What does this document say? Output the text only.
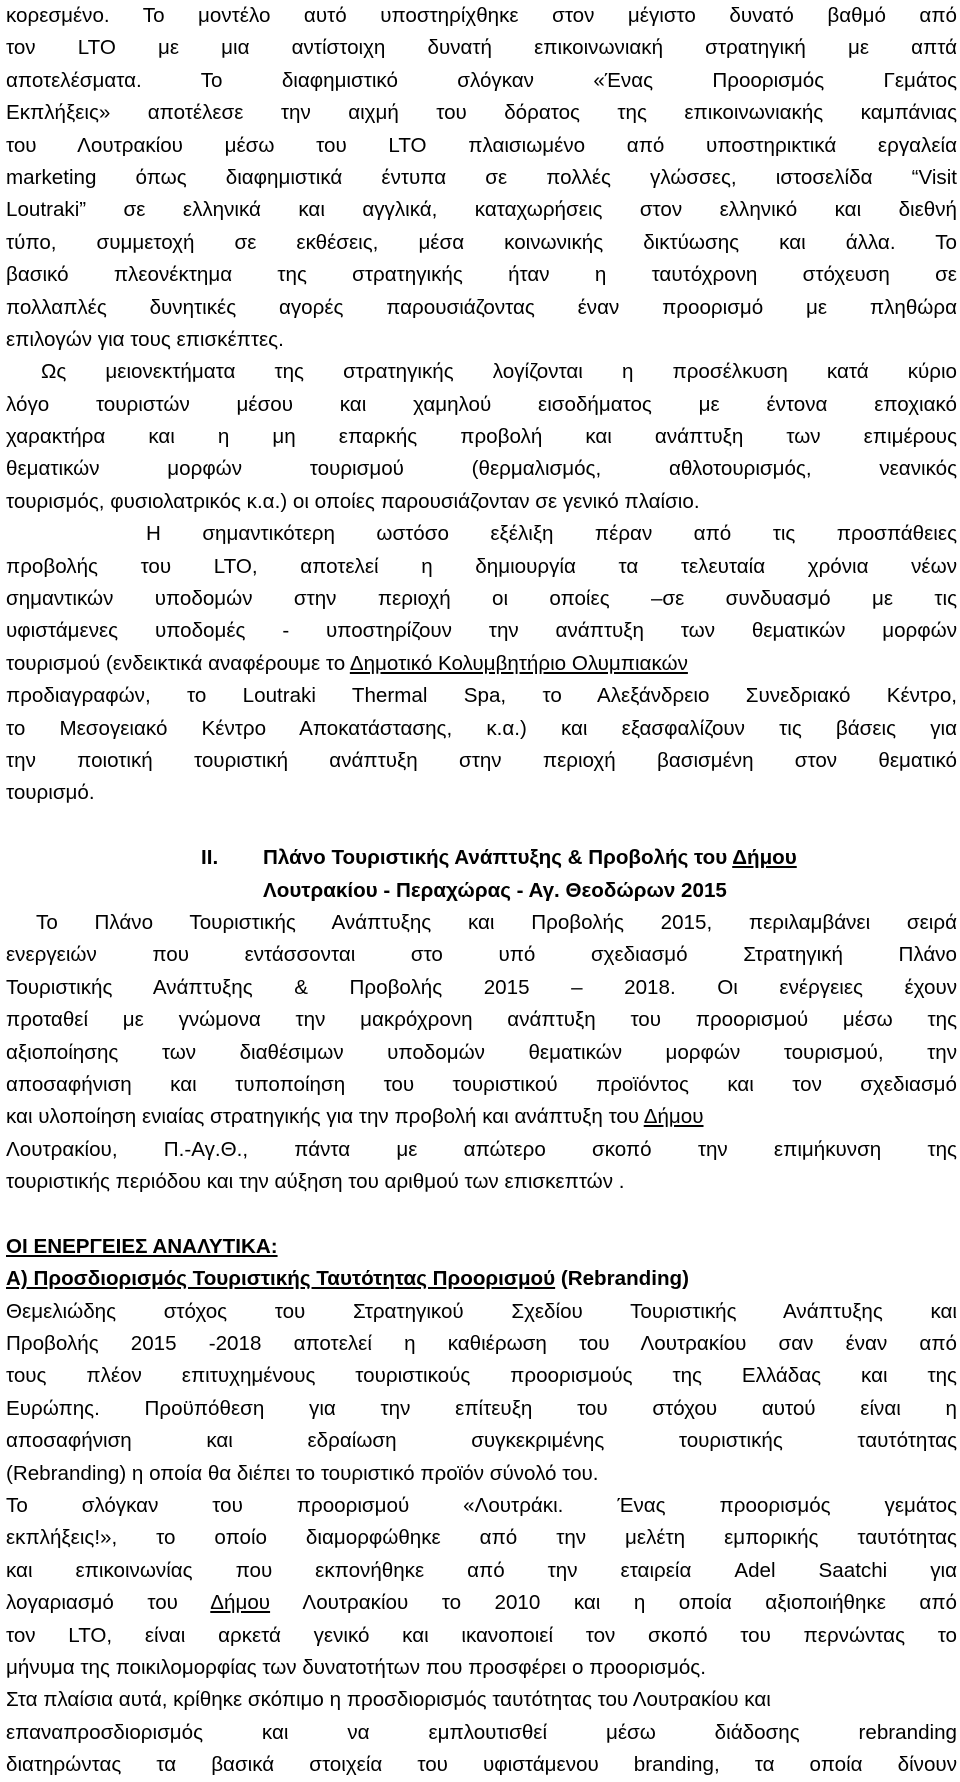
κορεσμένο. Το μοντέλο αυτό υποστηρίχθηκε στον μέγιστο δυνατό βαθμό από
τον LTO με μια αντίστοιχη δυνατή επικοινωνιακή στρατηγική με απτά
αποτελέσματα. Το διαφημιστικό σλόγκαν «Ένας Προορισμός Γεμάτος
Εκπλήξεις» αποτέλεσε την αιχμή του δόρατος της επικοινωνιακής καμπάνιας
του Λουτρακίου μέσω του LTO πλαισιωμένο από υποστηρικτικά εργαλεία
marketing όπως διαφημιστικά έντυπα σε πολλές γλώσσες, ιστοσελίδα “Visit
Loutraki” σε ελληνικά και αγγλικά, καταχωρήσεις στον ελληνικό και διεθνή
τύπο, συμμετοχή σε εκθέσεις, μέσα κοινωνικής δικτύωσης και άλλα. Το
βασικό πλεονέκτημα της στρατηγικής ήταν η ταυτόχρονη στόχευση σε
πολλαπλές δυνητικές αγορές παρουσιάζοντας έναν προορισμό με πληθώρα
επιλογών για τους επισκέπτες.
Ως μειονεκτήματα της στρατηγικής λογίζονται η προσέλκυση κατά κύριο
λόγο τουριστών μέσου και χαμηλού εισοδήματος με έντονα εποχιακό
χαρακτήρα και η μη επαρκής προβολή και ανάπτυξη των επιμέρους
θεματικών μορφών τουρισμού (θερμαλισμός, αθλοτουρισμός, νεανικός
τουρισμός, φυσιολατρικός κ.α.) οι οποίες παρουσιάζονταν σε γενικό πλαίσιο.
Η σημαντικότερη ωστόσο εξέλιξη πέραν από τις προσπάθειες
προβολής του LTO, αποτελεί η δημιουργία τα τελευταία χρόνια νέων
σημαντικών υποδομών στην περιοχή οι οποίες –σε συνδυασμό με τις
υφιστάμενες υποδομές - υποστηρίζουν την ανάπτυξη των θεματικών μορφών
τουρισμού (ενδεικτικά αναφέρουμε το Δημοτικό Κολυμβητήριο Ολυμπιακών
προδιαγραφών, το Loutraki Thermal Spa, το Αλεξάνδρειο Συνεδριακό Κέντρο,
το Μεσογειακό Κέντρο Αποκατάστασης, κ.α.) και εξασφαλίζουν τις βάσεις για
την ποιοτική τουριστική ανάπτυξη στην περιοχή βασισμένη στον θεματικό
τουρισμό.
ΙΙ. Πλάνο Τουριστικής Ανάπτυξης & Προβολής του Δήμου
Λουτρακίου - Περαχώρας - Αγ. Θεοδώρων 2015
Το Πλάνο Τουριστικής Ανάπτυξης και Προβολής 2015, περιλαμβάνει σειρά
ενεργειών που εντάσσονται στο υπό σχεδιασμό Στρατηγική Πλάνο
Τουριστικής Ανάπτυξης & Προβολής 2015 – 2018. Οι ενέργειες έχουν
προταθεί με γνώμονα την μακρόχρονη ανάπτυξη του προορισμού μέσω της
αξιοποίησης των διαθέσιμων υποδομών θεματικών μορφών τουρισμού, την
αποσαφήνιση και τυποποίηση του τουριστικού προϊόντος και τον σχεδιασμό
και υλοποίηση ενιαίας στρατηγικής για την προβολή και ανάπτυξη του Δήμου
Λουτρακίου, Π.-Αγ.Θ., πάντα με απώτερο σκοπό την επιμήκυνση της
τουριστικής περιόδου και την αύξηση του αριθμού των επισκεπτών .
ΟΙ ΕΝΕΡΓΕΙΕΣ ΑΝΑΛΥΤΙΚΑ:
Α) Προσδιορισμός Τουριστικής Ταυτότητας Προορισμού (Rebranding)
Θεμελιώδης στόχος του Στρατηγικού Σχεδίου Τουριστικής Ανάπτυξης και
Προβολής 2015 -2018 αποτελεί η καθιέρωση του Λουτρακίου σαν έναν από
τους πλέον επιτυχημένους τουριστικούς προορισμούς της Ελλάδας και της
Ευρώπης. Προϋπόθεση για την επίτευξη του στόχου αυτού είναι η
αποσαφήνιση και εδραίωση συγκεκριμένης τουριστικής ταυτότητας
(Rebranding) η οποία θα διέπει το τουριστικό προϊόν σύνολό του.
Το σλόγκαν του προορισμού «Λουτράκι. Ένας προορισμός γεμάτος
εκπλήξεις!», το οποίο διαμορφώθηκε από την μελέτη εμπορικής ταυτότητας
και επικοινωνίας που εκπονήθηκε από την εταιρεία Adel Saatchi για
λογαριασμό του Δήμου Λουτρακίου το 2010 και η οποία αξιοποιήθηκε από
τον LTO, είναι αρκετά γενικό και ικανοποιεί τον σκοπό του περνώντας το
μήνυμα της ποικιλομορφίας των δυνατοτήτων που προσφέρει ο προορισμός.
Στα πλαίσια αυτά, κρίθηκε σκόπιμο η προσδιορισμός ταυτότητας του Λουτρακίου και
επαναπροσδιορισμός και να εμπλουτισθεί μέσω διάδοσης rebranding
διατηρώντας τα βασικά στοιχεία του υφιστάμενου branding, τα οποία δίνουν
